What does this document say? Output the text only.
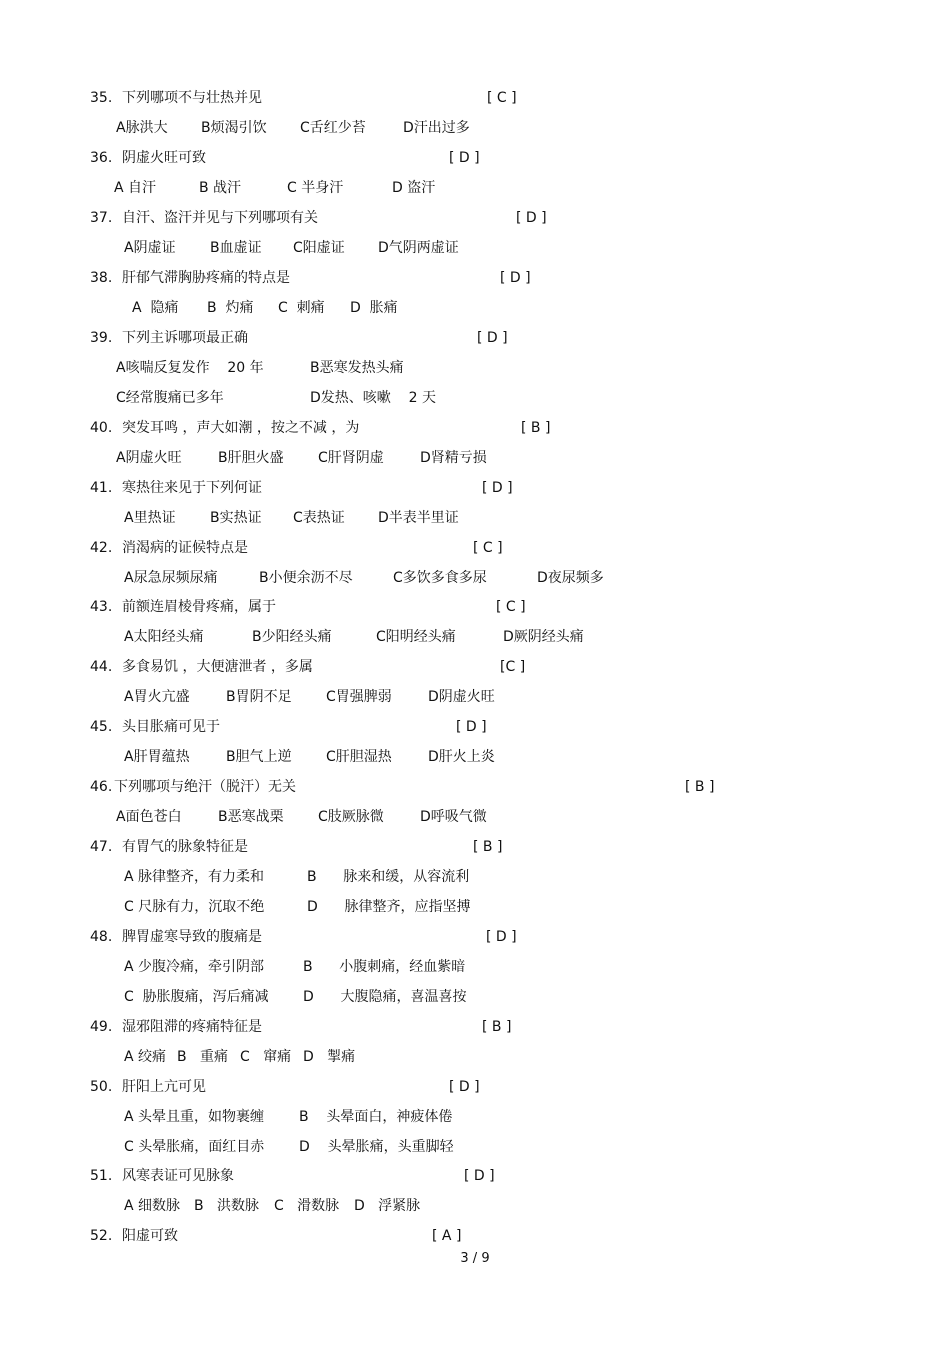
35. 下列哪项不与壮热并见	[ C ]
A脉洪大 B烦渴引饮 C舌红少苔	D汗出过多
36. 阴虚火旺可致	[ D ]
A 自汗	B 战汗	C 半身汗	D 盗汗
37. 自汗、盗汗并见与下列哪项有关	[ D ]
A阴虚证 B血虚证 C阳虚证 D气阴两虚证
38. 肝郁气滞胸胁疼痛的特点是	[ D ]
A  隐痛 B  灼痛 C  刺痛 D  胀痛
39. 下列主诉哪项最正确	[ D ]
A咳喘反复发作    20 年	B恶寒发热头痛
C经常腹痛已多年	D发热、咳嗽    2 天
40. 突发耳鸣 ，声大如潮 ，按之不减 ，为	[ B ]
A阴虚火旺	B肝胆火盛 C肝肾阴虚	D肾精亏损
41. 寒热往来见于下列何证	[ D ]
A里热证 B实热证 C表热证 D半表半里证
42. 消渴病的证候特点是	[ C ]
A尿急尿频尿痛	B小便余沥不尽	C多饮多食多尿	D夜尿频多
43. 前额连眉棱骨疼痛，属于	[ C ]
A太阳经头痛	B少阳经头痛	C阳明经头痛	D厥阴经头痛
44. 多食易饥 ，大便溏泄者 ，多属	[C ]
A胃火亢盛	B胃阴不足 C胃强脾弱	D阴虚火旺
45. 头目胀痛可见于	[ D ]
A肝胃蕴热	B胆气上逆 C肝胆湿热	D肝火上炎
46. 下列哪项与绝汗（脱汗）无关	[ B ]
A面色苍白	B恶寒战栗 C肢厥脉微	D呼吸气微
47. 有胃气的脉象特征是	[ B ]
A 脉律整齐，有力柔和	B      脉来和缓，从容流利
C 尺脉有力，沉取不绝	D      脉律整齐，应指坚搏
48. 脾胃虚寒导致的腹痛是	[ D ]
A 少腹冷痛，牵引阴部	B      小腹刺痛，经血紫暗
C  胁胀腹痛，泻后痛减 D      大腹隐痛，喜温喜按
49. 湿邪阻滞的疼痛特征是	[ B ]
A 绞痛 B   重痛 C   窜痛 D   掣痛
50. 肝阳上亢可见	[ D ]
A 头晕且重，如物裹缠 B    头晕面白，神疲体倦
C 头晕胀痛，面红目赤 D    头晕胀痛，头重脚轻
51. 风寒表证可见脉象	[ D ]
A 细数脉 B   洪数脉 C   滑数脉 D   浮紧脉
52. 阳虚可致	[ A ]
3 / 9
